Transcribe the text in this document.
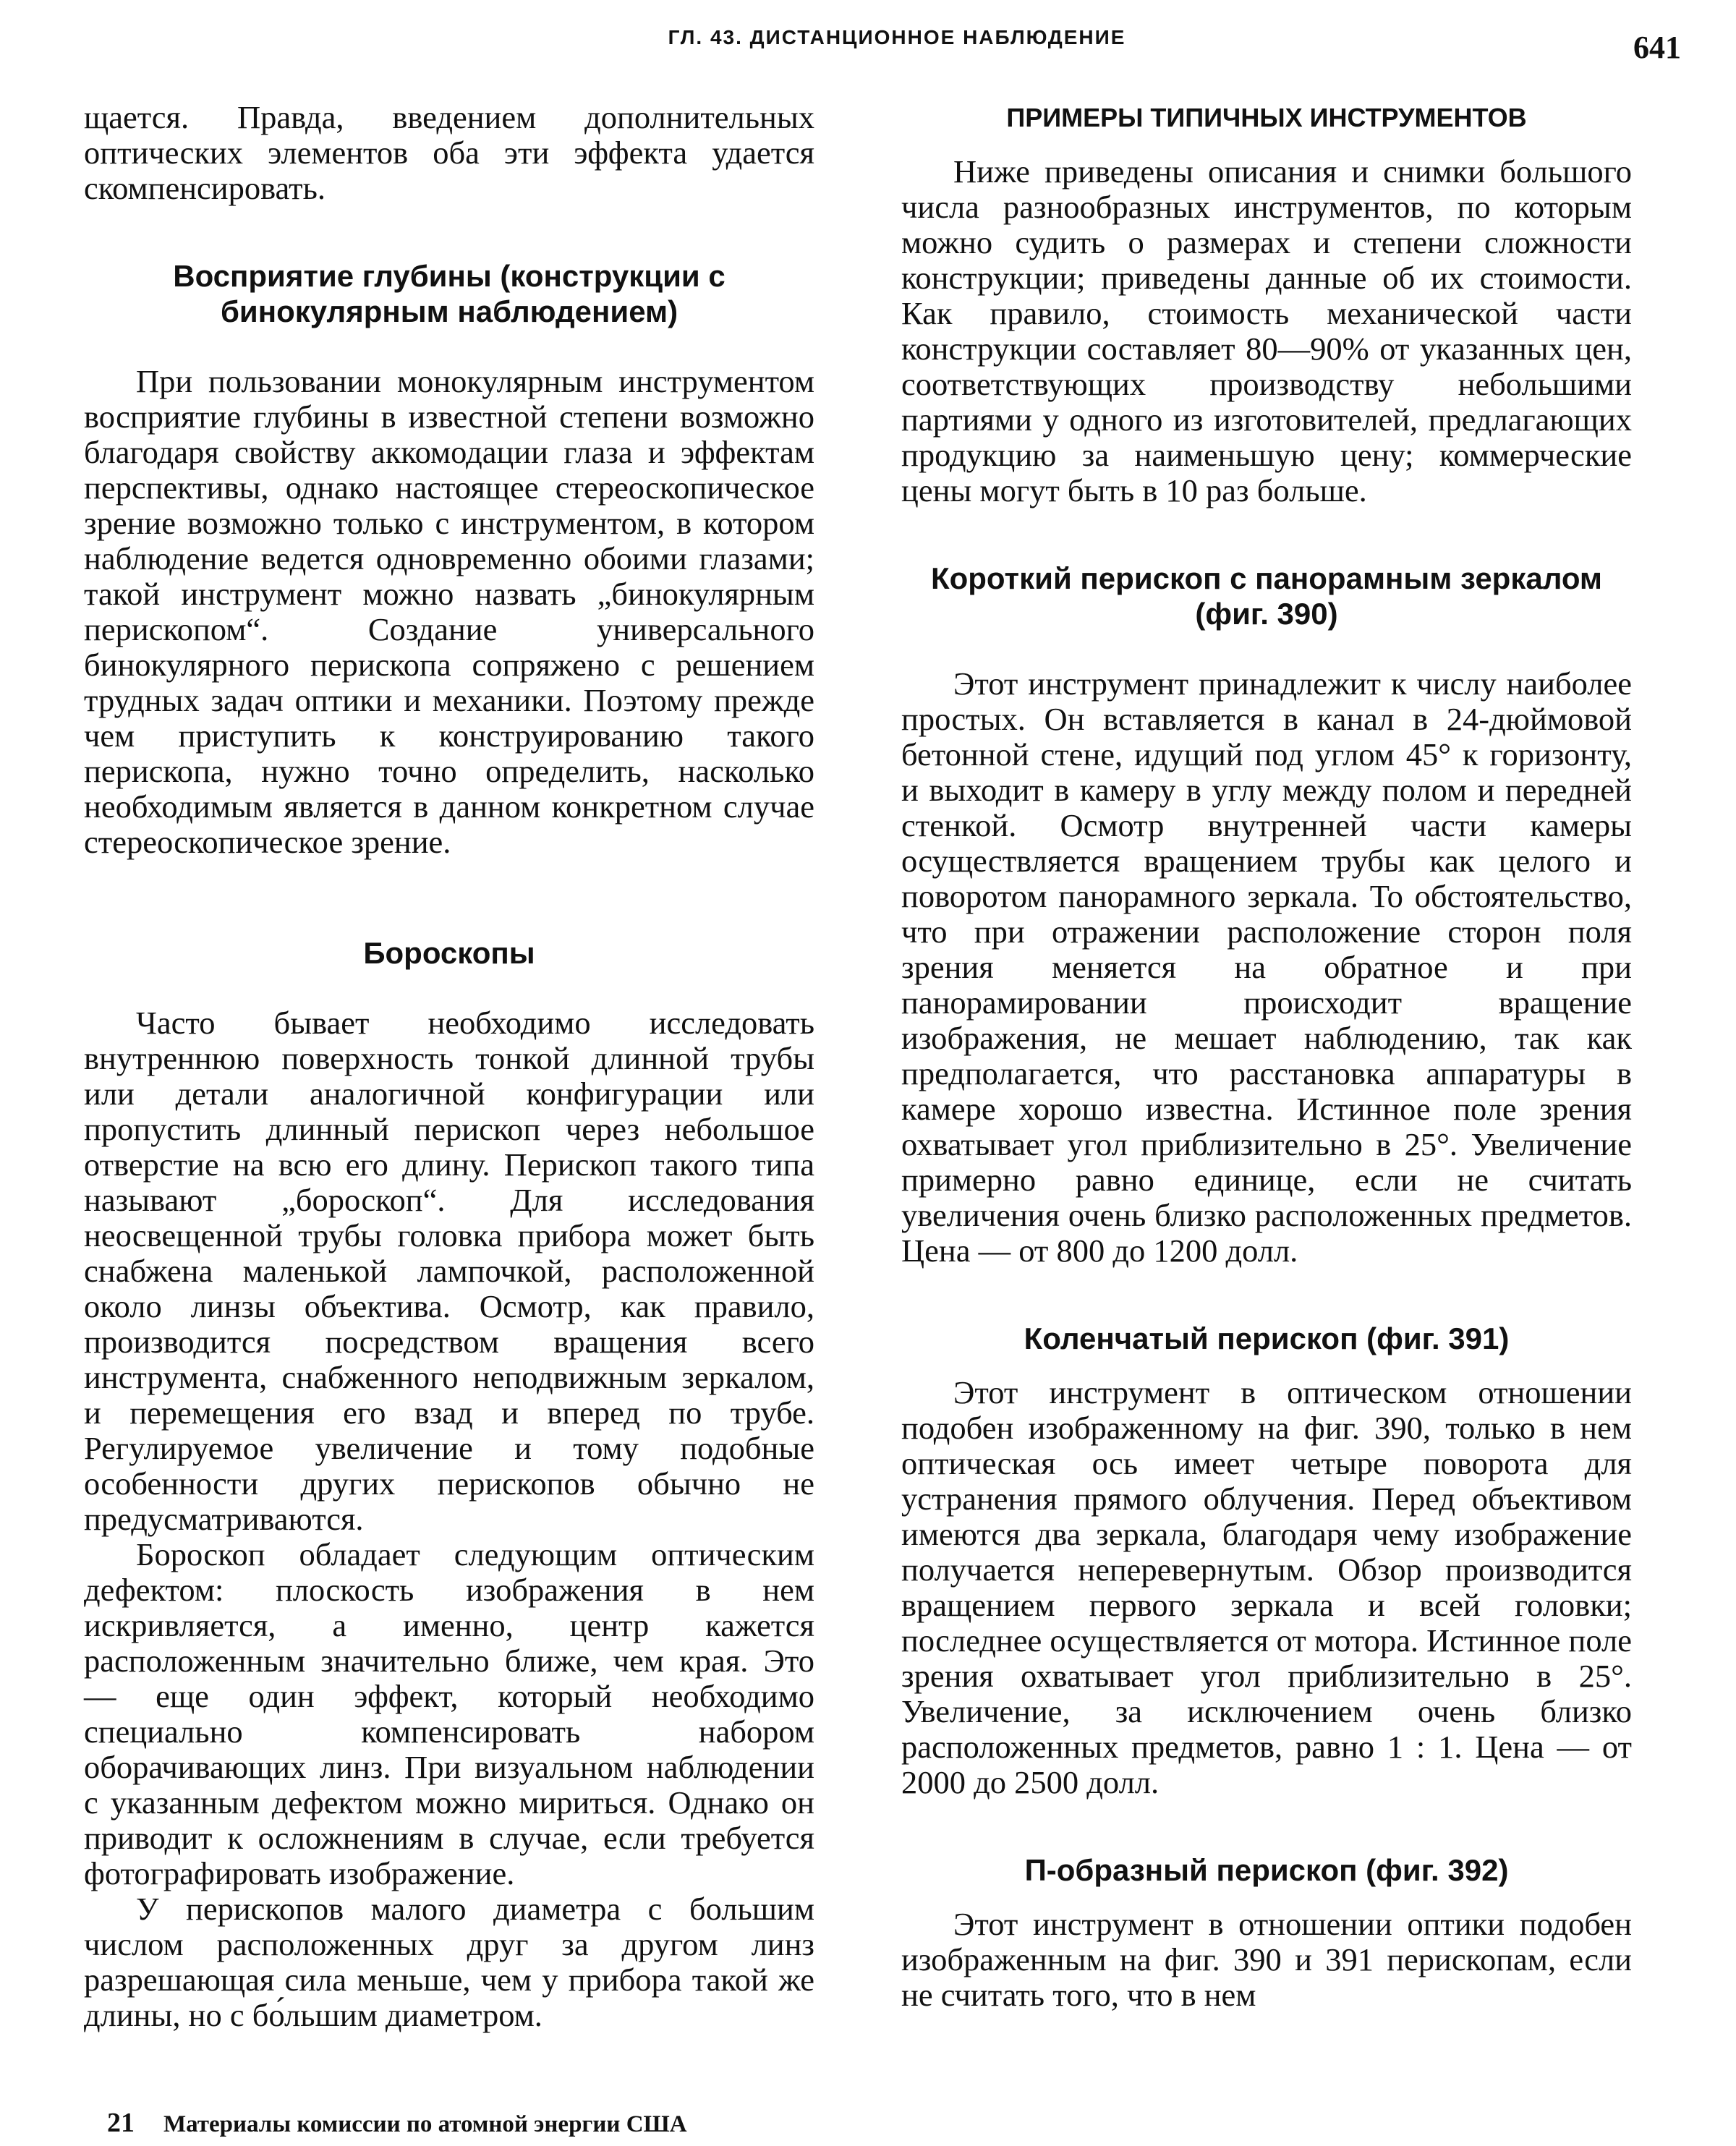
ГЛ. 43. ДИСТАНЦИОННОЕ НАБЛЮДЕНИЕ	641

щается. Правда, введением дополнительных оптических элементов оба эти эффекта удается скомпенсировать.

Восприятие глубины (конструкции с бинокулярным наблюдением)

При пользовании монокулярным инструментом восприятие глубины в известной степени возможно благодаря свойству аккомодации глаза и эффектам перспективы, однако настоящее стереоскопическое зрение возможно только с инструментом, в котором наблюдение ведется одновременно обоими глазами; такой инструмент можно назвать „бинокулярным перископом“. Создание универсального бинокулярного перископа сопряжено с решением трудных задач оптики и механики. Поэтому прежде чем приступить к конструированию такого перископа, нужно точно определить, насколько необходимым является в данном конкретном случае стереоскопическое зрение.

Бороскопы

Часто бывает необходимо исследовать внутреннюю поверхность тонкой длинной трубы или детали аналогичной конфигурации или пропустить длинный перископ через небольшое отверстие на всю его длину. Перископ такого типа называют „бороскоп“. Для исследования неосвещенной трубы головка прибора может быть снабжена маленькой лампочкой, расположенной около линзы объектива. Осмотр, как правило, производится посредством вращения всего инструмента, снабженного неподвижным зеркалом, и перемещения его взад и вперед по трубе. Регулируемое увеличение и тому подобные особенности других перископов обычно не предусматриваются.

Бороскоп обладает следующим оптическим дефектом: плоскость изображения в нем искривляется, а именно, центр кажется расположенным значительно ближе, чем края. Это — еще один эффект, который необходимо специально компенсировать набором оборачивающих линз. При визуальном наблюдении с указанным дефектом можно мириться. Однако он приводит к осложнениям в случае, если требуется фотографировать изображение.

У перископов малого диаметра с большим числом расположенных друг за другом линз разрешающая сила меньше, чем у прибора такой же длины, но с бо́льшим диаметром.

ПРИМЕРЫ ТИПИЧНЫХ ИНСТРУМЕНТОВ

Ниже приведены описания и снимки большого числа разнообразных инструментов, по которым можно судить о размерах и степени сложности конструкции; приведены данные об их стоимости. Как правило, стоимость механической части конструкции составляет 80—90% от указанных цен, соответствующих производству небольшими партиями у одного из изготовителей, предлагающих продукцию за наименьшую цену; коммерческие цены могут быть в 10 раз больше.

Короткий перископ с панорамным зеркалом (фиг. 390)

Этот инструмент принадлежит к числу наиболее простых. Он вставляется в канал в 24-дюймовой бетонной стене, идущий под углом 45° к горизонту, и выходит в камеру в углу между полом и передней стенкой. Осмотр внутренней части камеры осуществляется вращением трубы как целого и поворотом панорамного зеркала. То обстоятельство, что при отражении расположение сторон поля зрения меняется на обратное и при панорамировании происходит вращение изображения, не мешает наблюдению, так как предполагается, что расстановка аппаратуры в камере хорошо известна. Истинное поле зрения охватывает угол приблизительно в 25°. Увеличение примерно равно единице, если не считать увеличения очень близко расположенных предметов. Цена — от 800 до 1200 долл.

Коленчатый перископ (фиг. 391)

Этот инструмент в оптическом отношении подобен изображенному на фиг. 390, только в нем оптическая ось имеет четыре поворота для устранения прямого облучения. Перед объективом имеются два зеркала, благодаря чему изображение получается неперевернутым. Обзор производится вращением первого зеркала и всей головки; последнее осуществляется от мотора. Истинное поле зрения охватывает угол приблизительно в 25°. Увеличение, за исключением очень близко расположенных предметов, равно 1 : 1. Цена — от 2000 до 2500 долл.

П-образный перископ (фиг. 392)

Этот инструмент в отношении оптики подобен изображенным на фиг. 390 и 391 перископам, если не считать того, что в нем

21 Материалы комиссии по атомной энергии США
